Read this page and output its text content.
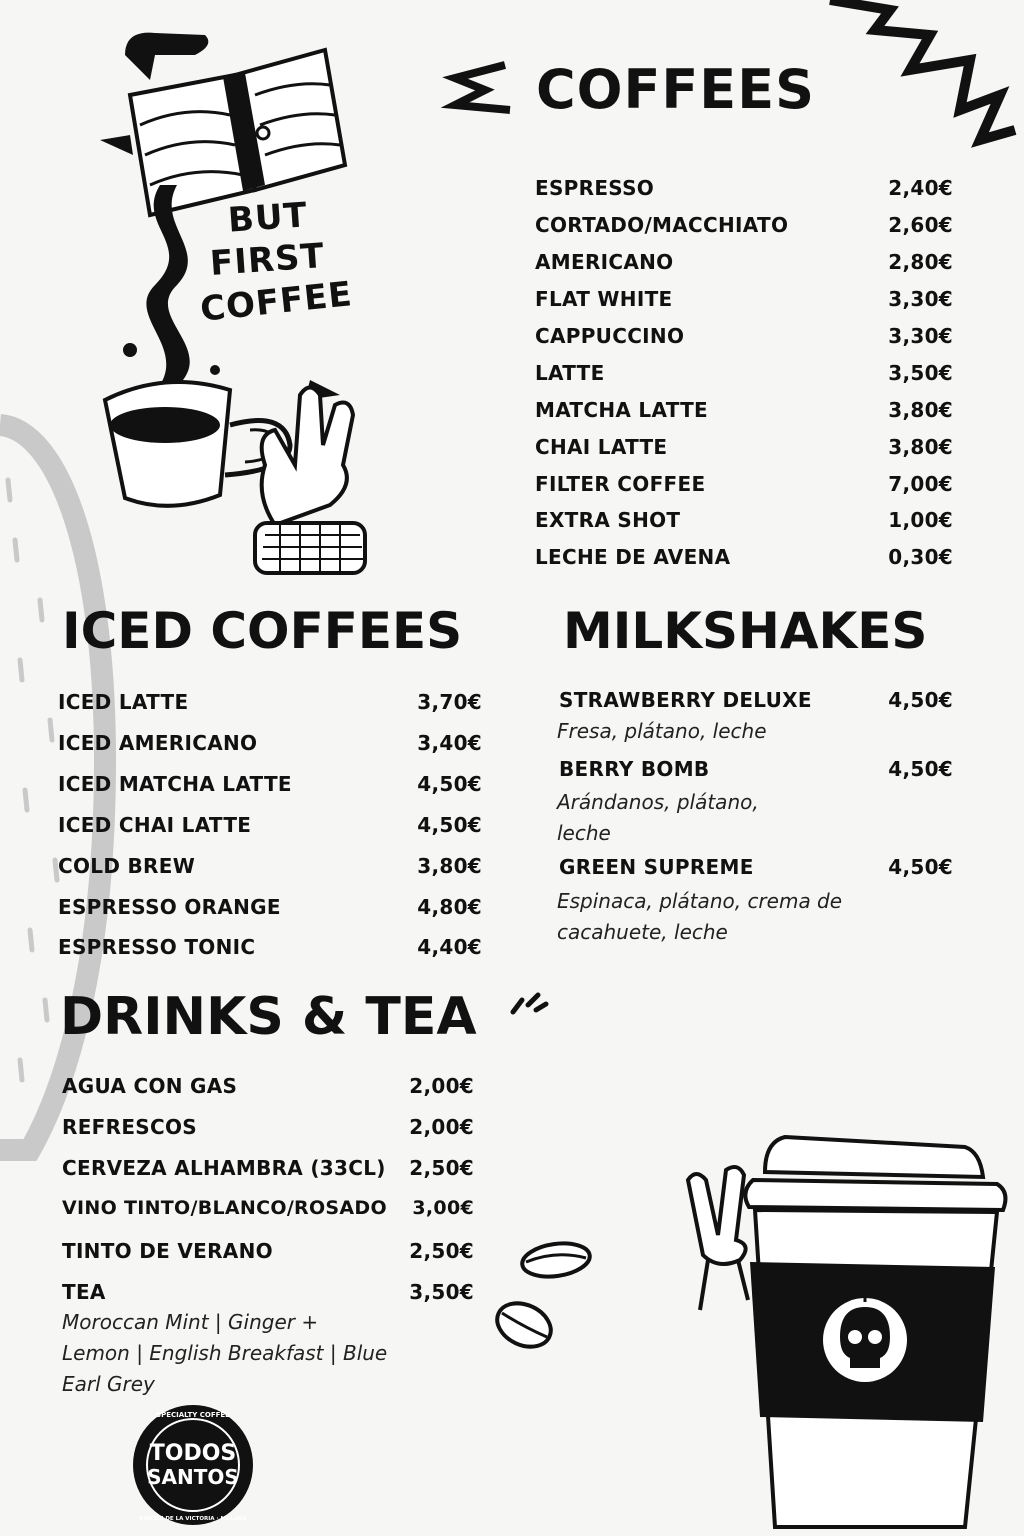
BUT
FIRST
COFFEE
COFFEES
ESPRESSO	2,40€
CORTADO/MACCHIATO	2,60€
AMERICANO	2,80€
FLAT WHITE	3,30€
CAPPUCCINO	3,30€
LATTE	3,50€
MATCHA LATTE	3,80€
CHAI LATTE	3,80€
FILTER COFFEE	7,00€
EXTRA SHOT	1,00€
LECHE DE AVENA	0,30€
ICED COFFEES
ICED LATTE	3,70€
ICED AMERICANO	3,40€
ICED MATCHA LATTE	4,50€
ICED CHAI LATTE	4,50€
COLD BREW	3,80€
ESPRESSO ORANGE	4,80€
ESPRESSO TONIC	4,40€
MILKSHAKES
STRAWBERRY DELUXE	4,50€
Fresa, plátano, leche
BERRY BOMB	4,50€
Arándanos, plátano, leche
GREEN SUPREME	4,50€
Espinaca, plátano, crema de cacahuete, leche
DRINKS & TEA
AGUA CON GAS	2,00€
REFRESCOS	2,00€
CERVEZA ALHAMBRA (33CL) 2,50€
VINO TINTO/BLANCO/ROSADO 3,00€
TINTO DE VERANO	2,50€
TEA	3,50€
Moroccan Mint | Ginger + Lemon | English Breakfast | Blue Earl Grey
SPECIALTY COFFEE
TODOS
SANTOS
RINCON DE LA VICTORIA · MALAGA
